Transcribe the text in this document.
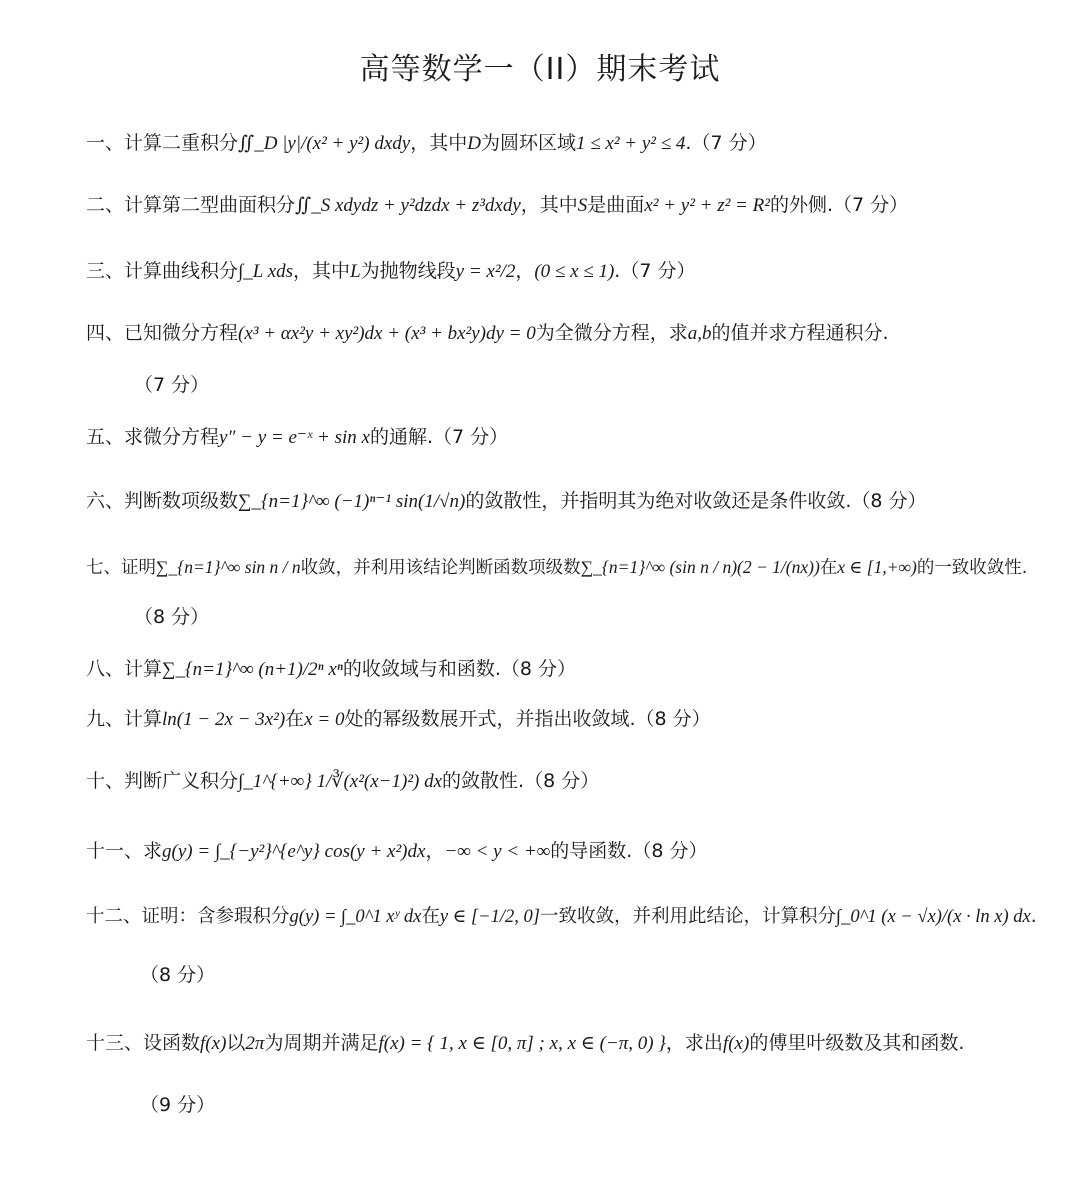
高等数学一（II）期末考试
一、计算二重积分∬_D |y|/(x² + y²) dxdy，其中D为圆环区域1 ≤ x² + y² ≤ 4.（7 分）
二、计算第二型曲面积分∬_S xdydz + y²dzdx + z³dxdy，其中S是曲面x² + y² + z² = R²的外侧.（7 分）
三、计算曲线积分∫_L xds，其中L为抛物线段y = x²/2，(0 ≤ x ≤ 1).（7 分）
四、已知微分方程(x³ + αx²y + xy²)dx + (x³ + bx²y)dy = 0为全微分方程，求a,b的值并求方程通积分.
（7 分）
五、求微分方程y″ − y = e⁻ˣ + sin x的通解.（7 分）
六、判断数项级数∑_{n=1}^∞ (−1)ⁿ⁻¹ sin(1/√n)的敛散性，并指明其为绝对收敛还是条件收敛.（8 分）
七、证明∑_{n=1}^∞ sin n / n收敛，并利用该结论判断函数项级数∑_{n=1}^∞ (sin n / n)(2 − 1/(nx))在x ∈ [1,+∞)的一致收敛性.
（8 分）
八、计算∑_{n=1}^∞ (n+1)/2ⁿ xⁿ的收敛域与和函数.（8 分）
九、计算ln(1 − 2x − 3x²)在x = 0处的幂级数展开式，并指出收敛域.（8 分）
十、判断广义积分∫_1^{+∞} 1/∛(x²(x−1)²) dx的敛散性.（8 分）
十一、求g(y) = ∫_{−y²}^{e^y} cos(y + x²)dx，−∞ < y < +∞的导函数.（8 分）
十二、证明：含参瑕积分g(y) = ∫_0^1 xʸ dx在y ∈ [−1/2, 0]一致收敛，并利用此结论，计算积分∫_0^1 (x − √x)/(x · ln x) dx.
（8 分）
十三、设函数f(x)以2π为周期并满足f(x) = { 1, x ∈ [0, π] ; x, x ∈ (−π, 0) }，求出f(x)的傅里叶级数及其和函数.
（9 分）
